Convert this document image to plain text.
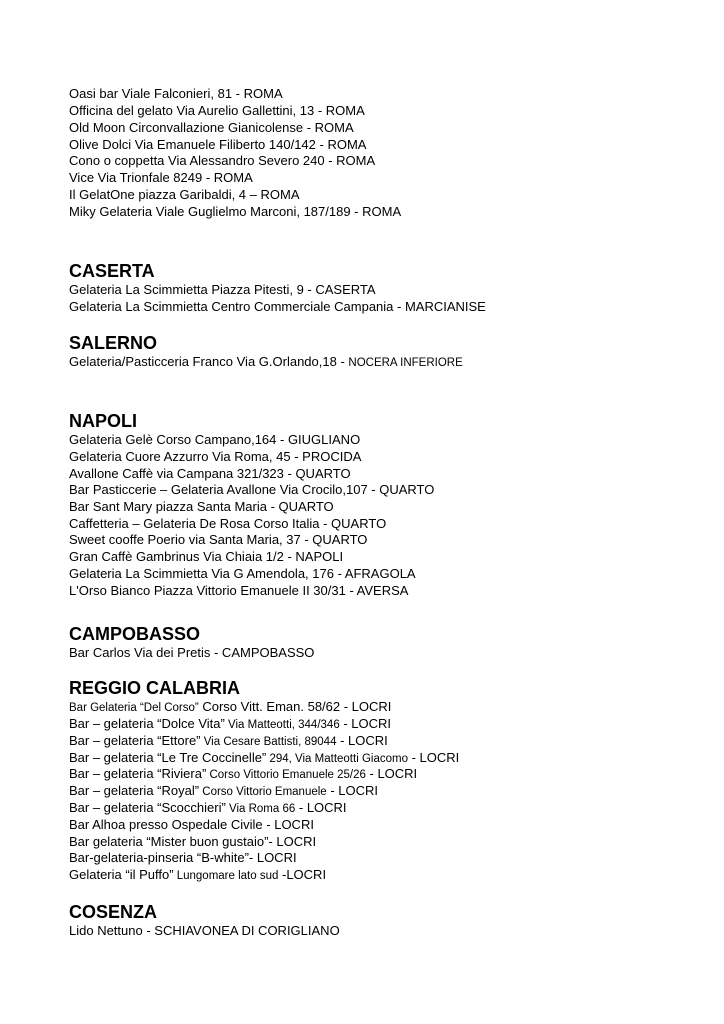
Oasi bar Viale Falconieri, 81 - ROMA
Officina del gelato Via Aurelio Gallettini, 13 - ROMA
Old Moon Circonvallazione Gianicolense - ROMA
Olive Dolci Via Emanuele Filiberto 140/142 - ROMA
Cono o coppetta Via Alessandro Severo 240 - ROMA
Vice Via Trionfale 8249 - ROMA
Il GelatOne piazza Garibaldi, 4 – ROMA
Miky Gelateria Viale Guglielmo Marconi, 187/189 - ROMA
CASERTA
Gelateria La Scimmietta Piazza Pitesti, 9 - CASERTA
Gelateria La Scimmietta Centro Commerciale Campania - MARCIANISE
SALERNO
Gelateria/Pasticceria Franco Via G.Orlando,18 - NOCERA INFERIORE
NAPOLI
Gelateria Gelè Corso Campano,164 - GIUGLIANO
Gelateria Cuore Azzurro Via Roma, 45 - PROCIDA
Avallone Caffè via Campana 321/323 - QUARTO
Bar Pasticcerie – Gelateria Avallone Via Crocilo,107 - QUARTO
Bar Sant Mary piazza Santa Maria - QUARTO
Caffetteria – Gelateria De Rosa Corso Italia - QUARTO
Sweet cooffe Poerio via Santa Maria, 37 - QUARTO
Gran Caffè Gambrinus Via Chiaia 1/2 - NAPOLI
Gelateria La Scimmietta Via G Amendola, 176 - AFRAGOLA
L'Orso Bianco Piazza Vittorio Emanuele II 30/31 - AVERSA
CAMPOBASSO
Bar Carlos Via dei Pretis - CAMPOBASSO
REGGIO CALABRIA
Bar Gelateria “Del Corso” Corso Vitt. Eman. 58/62 - LOCRI
Bar – gelateria “Dolce Vita” Via Matteotti, 344/346 - LOCRI
Bar – gelateria “Ettore” Via Cesare Battisti, 89044 - LOCRI
Bar – gelateria “Le Tre Coccinelle” 294, Via Matteotti Giacomo - LOCRI
Bar – gelateria “Riviera” Corso Vittorio Emanuele 25/26 - LOCRI
Bar – gelateria “Royal” Corso Vittorio Emanuele - LOCRI
Bar – gelateria “Scocchieri” Via Roma 66 - LOCRI
Bar Alhoa presso Ospedale Civile - LOCRI
Bar gelateria “Mister buon gustaio”- LOCRI
Bar-gelateria-pinseria “B-white”- LOCRI
Gelateria “il Puffo” Lungomare lato sud -LOCRI
COSENZA
Lido Nettuno - SCHIAVONEA DI CORIGLIANO
